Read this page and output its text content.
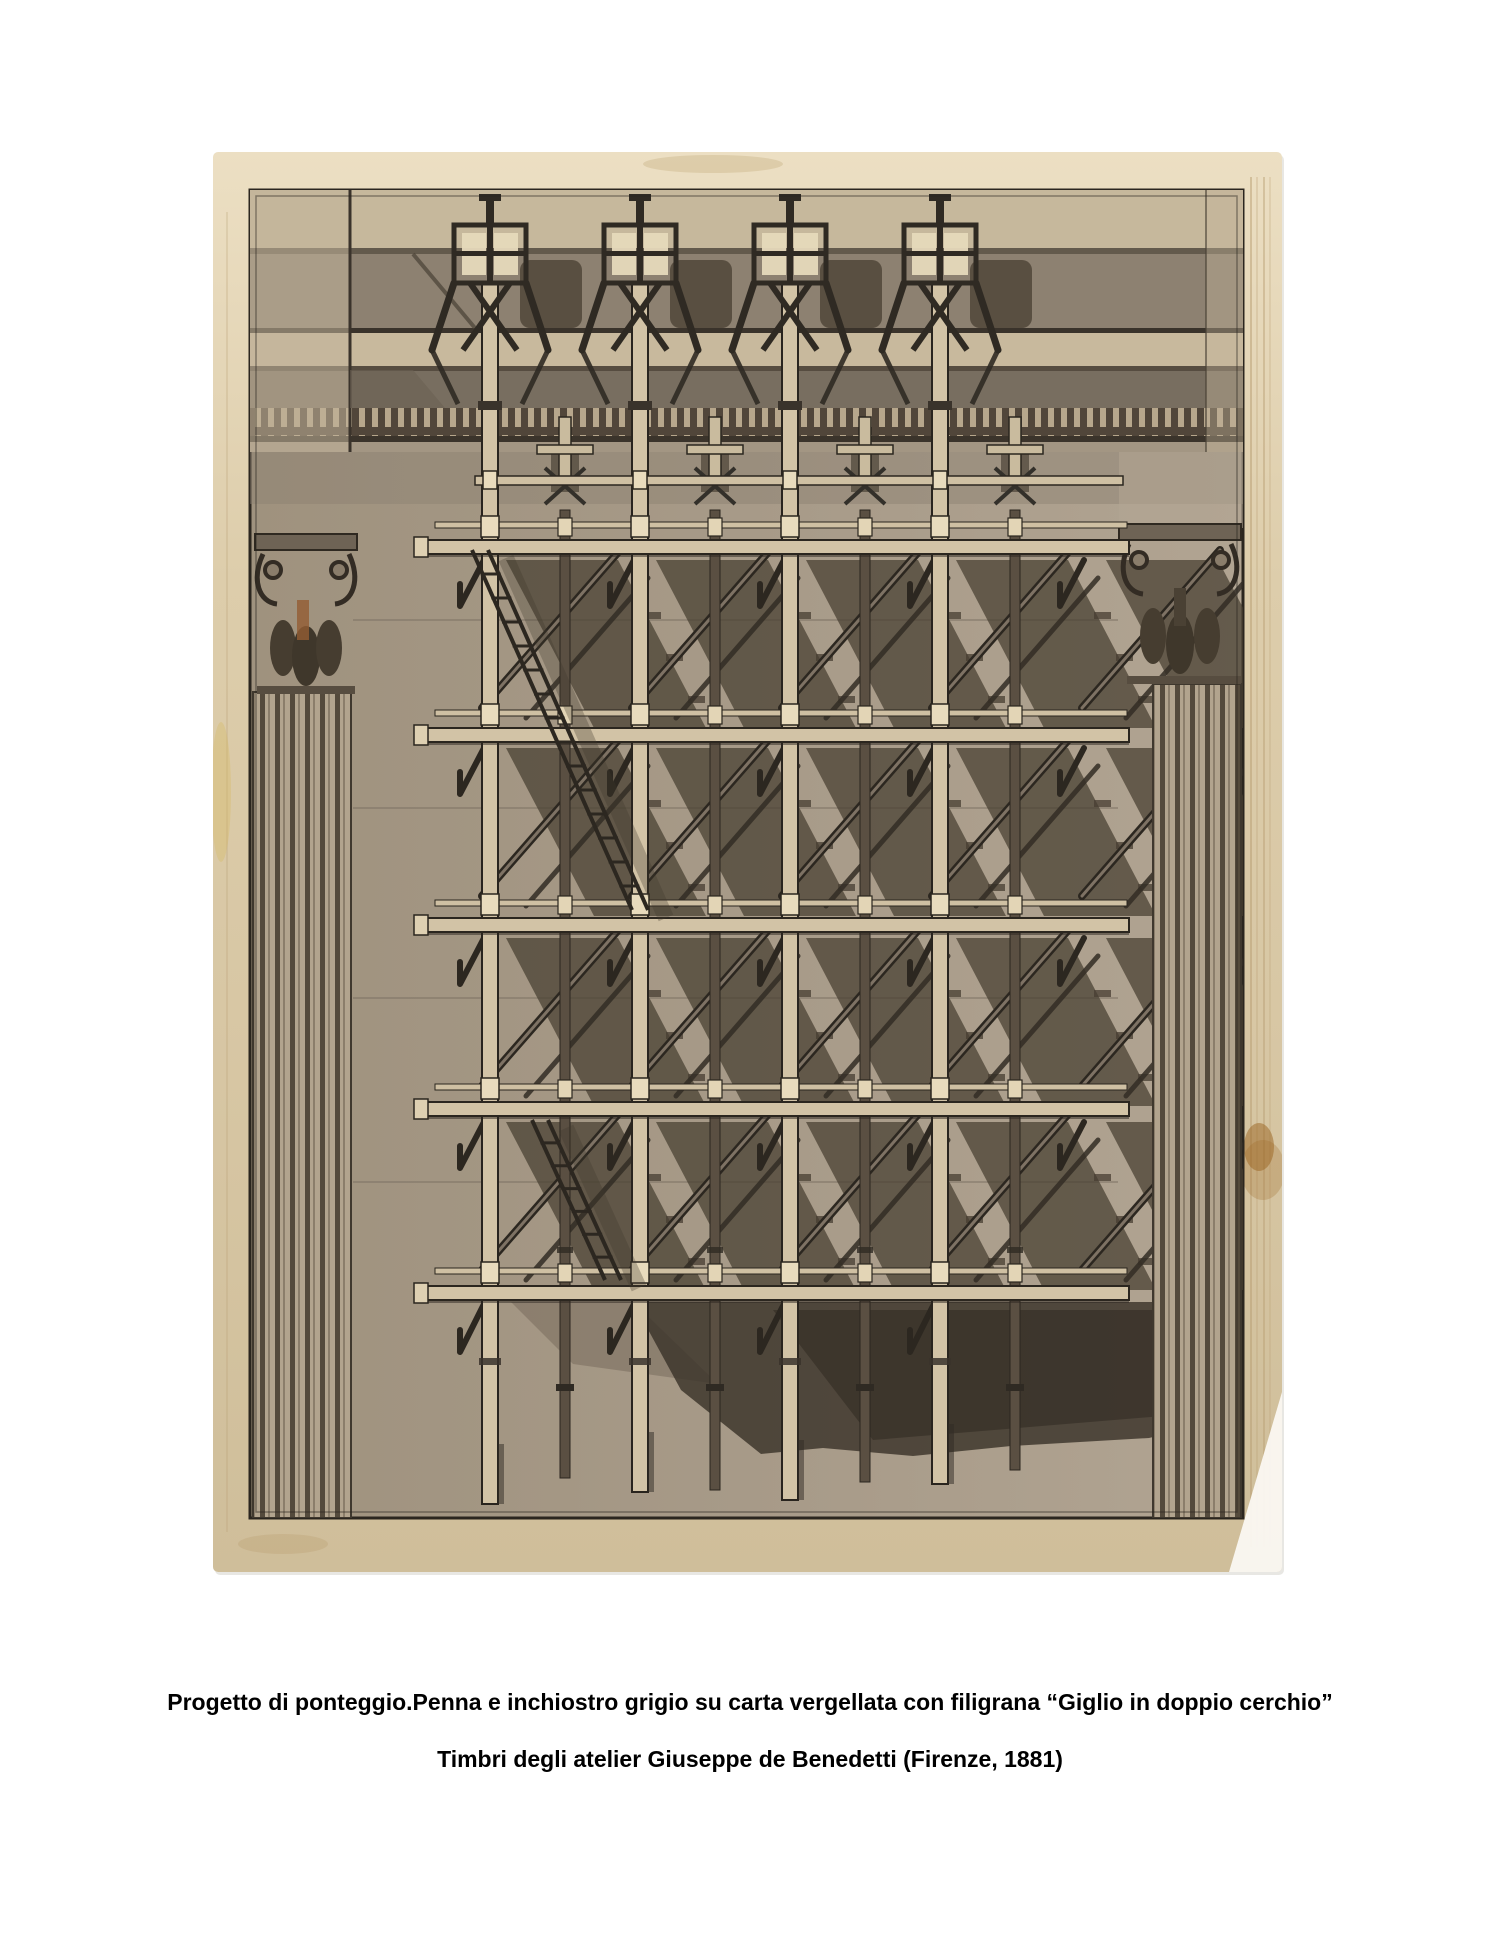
Progetto di ponteggio.Penna e inchiostro grigio su carta vergellata con filigrana “Giglio in doppio cerchio”

Timbri degli atelier Giuseppe de Benedetti (Firenze, 1881)
